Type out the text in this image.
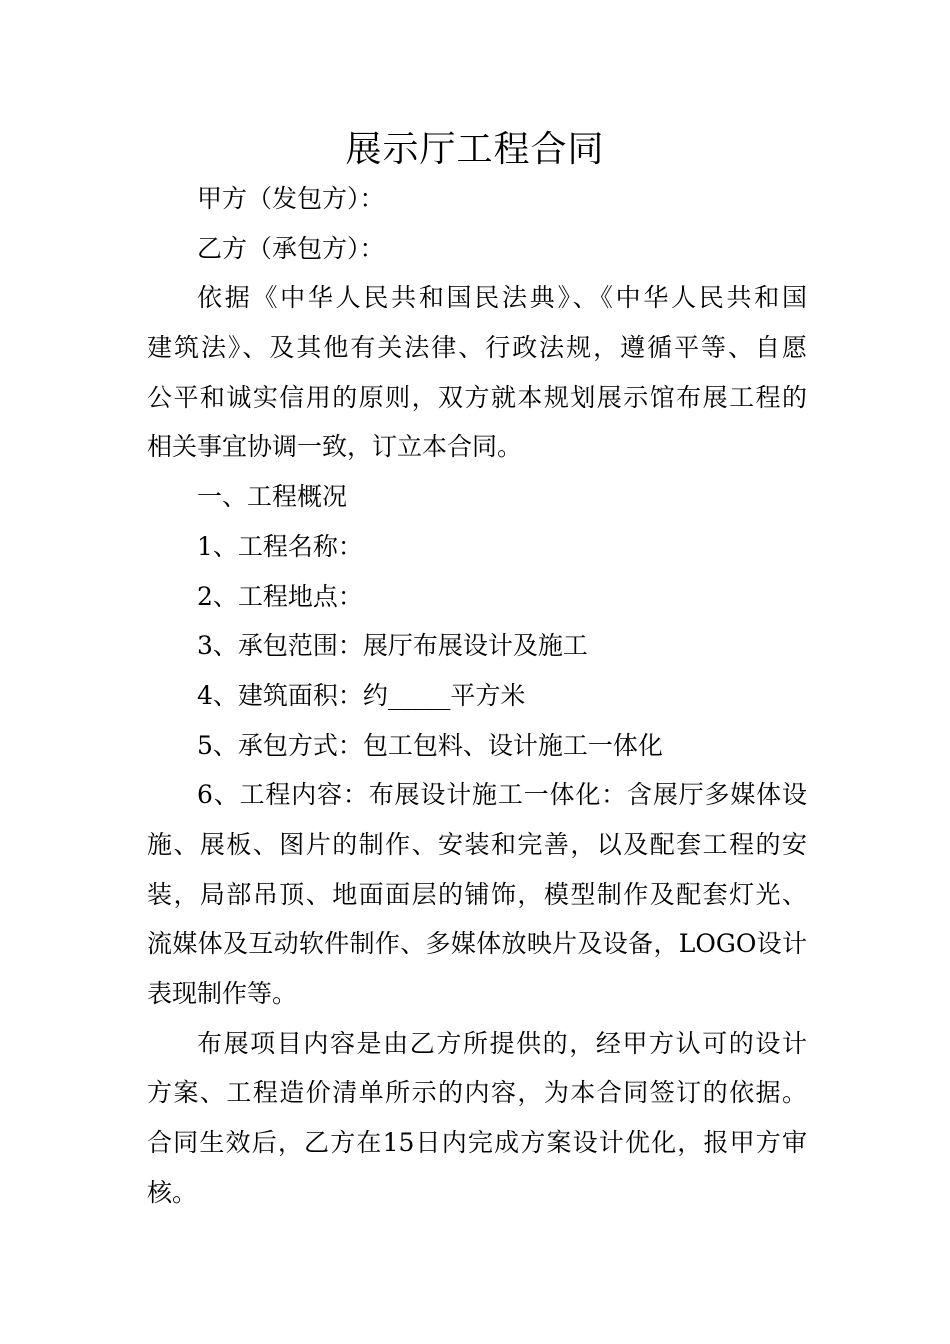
展示厅工程合同
甲方（发包方）：
乙方（承包方）：
依据《中华人民共和国民法典》、《中华人民共和国
建筑法》、及其他有关法律、行政法规，遵循平等、自愿
公平和诚实信用的原则，双方就本规划展示馆布展工程的
相关事宜协调一致，订立本合同。
一、工程概况
1、工程名称：
2、工程地点：
3、承包范围：展厅布展设计及施工
4、建筑面积：约_____平方米
5、承包方式：包工包料、设计施工一体化
6、工程内容：布展设计施工一体化：含展厅多媒体设
施、展板、图片的制作、安装和完善，以及配套工程的安
装，局部吊顶、地面面层的铺饰，模型制作及配套灯光、
流媒体及互动软件制作、多媒体放映片及设备，LOGO设计
表现制作等。
布展项目内容是由乙方所提供的，经甲方认可的设计
方案、工程造价清单所示的内容，为本合同签订的依据。
合同生效后，乙方在15日内完成方案设计优化，报甲方审
核。
